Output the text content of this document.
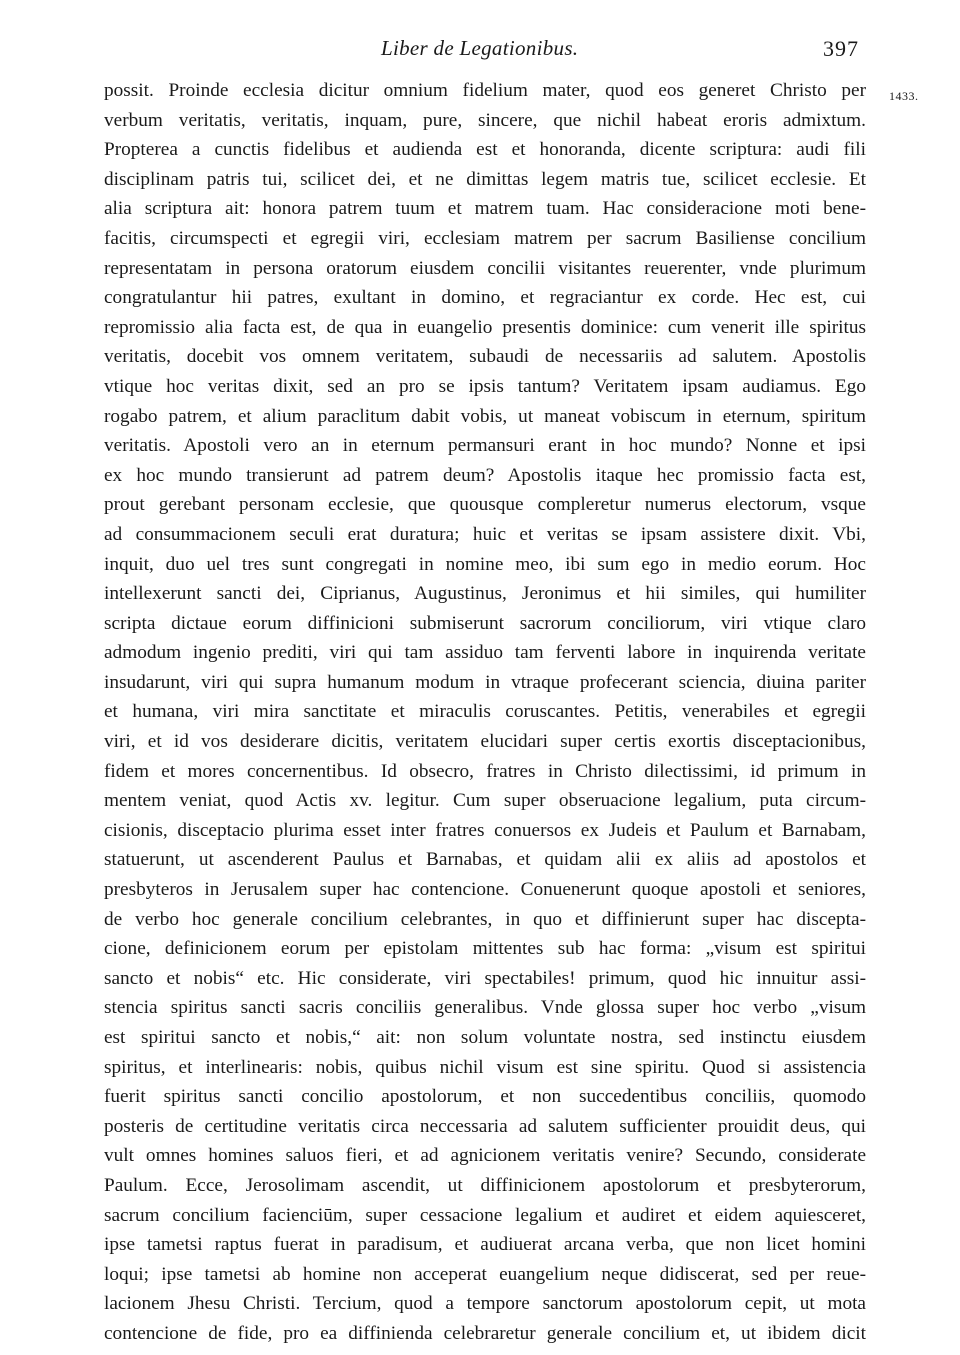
Liber de Legationibus.	397
1433.
possit. Proinde ecclesia dicitur omnium fidelium mater, quod eos generet Christo per
verbum veritatis, veritatis, inquam, pure, sincere, que nichil habeat eroris admixtum.
Propterea a cunctis fidelibus et audienda est et honoranda, dicente scriptura: audi fili
disciplinam patris tui, scilicet dei, et ne dimittas legem matris tue, scilicet ecclesie. Et
alia scriptura ait: honora patrem tuum et matrem tuam. Hac consideracione moti bene-
facitis, circumspecti et egregii viri, ecclesiam matrem per sacrum Basiliense concilium
representatam in persona oratorum eiusdem concilii visitantes reuerenter, vnde plurimum
congratulantur hii patres, exultant in domino, et regraciantur ex corde. Hec est, cui
repromissio alia facta est, de qua in euangelio presentis dominice: cum venerit ille spiritus
veritatis, docebit vos omnem veritatem, subaudi de necessariis ad salutem. Apostolis
vtique hoc veritas dixit, sed an pro se ipsis tantum? Veritatem ipsam audiamus. Ego
rogabo patrem, et alium paraclitum dabit vobis, ut maneat vobiscum in eternum, spiritum
veritatis. Apostoli vero an in eternum permansuri erant in hoc mundo? Nonne et ipsi
ex hoc mundo transierunt ad patrem deum? Apostolis itaque hec promissio facta est,
prout gerebant personam ecclesie, que quousque compleretur numerus electorum, vsque
ad consummacionem seculi erat duratura; huic et veritas se ipsam assistere dixit. Vbi,
inquit, duo uel tres sunt congregati in nomine meo, ibi sum ego in medio eorum. Hoc
intellexerunt sancti dei, Ciprianus, Augustinus, Jeronimus et hii similes, qui humiliter
scripta dictaue eorum diffinicioni submiserunt sacrorum conciliorum, viri vtique claro
admodum ingenio prediti, viri qui tam assiduo tam ferventi labore in inquirenda veritate
insudarunt, viri qui supra humanum modum in vtraque profecerant sciencia, diuina pariter
et humana, viri mira sanctitate et miraculis coruscantes. Petitis, venerabiles et egregii
viri, et id vos desiderare dicitis, veritatem elucidari super certis exortis disceptacionibus,
fidem et mores concernentibus. Id obsecro, fratres in Christo dilectissimi, id primum in
mentem veniat, quod Actis xv. legitur. Cum super obseruacione legalium, puta circum-
cisionis, disceptacio plurima esset inter fratres conuersos ex Judeis et Paulum et Barnabam,
statuerunt, ut ascenderent Paulus et Barnabas, et quidam alii ex aliis ad apostolos et
presbyteros in Jerusalem super hac contencione. Conuenerunt quoque apostoli et seniores,
de verbo hoc generale concilium celebrantes, in quo et diffinierunt super hac discepta-
cione, definicionem eorum per epistolam mittentes sub hac forma: „visum est spiritui
sancto et nobis“ etc. Hic considerate, viri spectabiles! primum, quod hic innuitur assi-
stencia spiritus sancti sacris conciliis generalibus. Vnde glossa super hoc verbo „visum
est spiritui sancto et nobis,“ ait: non solum voluntate nostra, sed instinctu eiusdem
spiritus, et interlinearis: nobis, quibus nichil visum est sine spiritu. Quod si assistencia
fuerit spiritus sancti concilio apostolorum, et non succedentibus conciliis, quomodo
posteris de certitudine veritatis circa neccessaria ad salutem sufficienter prouidit deus, qui
vult omnes homines saluos fieri, et ad agnicionem veritatis venire? Secundo, considerate
Paulum. Ecce, Jerosolimam ascendit, ut diffinicionem apostolorum et presbyterorum,
sacrum concilium facienciūm, super cessacione legalium et audiret et eidem aquiesceret,
ipse tametsi raptus fuerat in paradisum, et audiuerat arcana verba, que non licet homini
loqui; ipse tametsi ab homine non acceperat euangelium neque didiscerat, sed per reue-
lacionem Jhesu Christi. Tercium, quod a tempore sanctorum apostolorum cepit, ut mota
contencione de fide, pro ea diffinienda celebraretur generale concilium et, ut ibidem dicit
